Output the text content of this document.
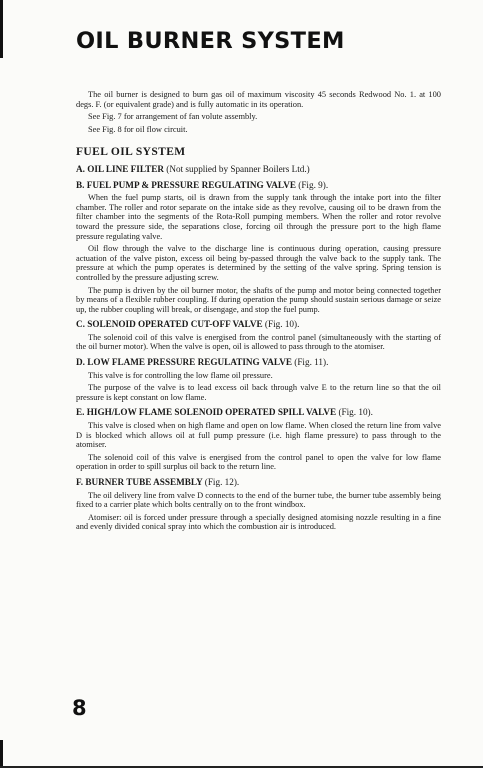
OIL BURNER SYSTEM

The oil burner is designed to burn gas oil of maximum viscosity 45 seconds Redwood No. 1. at 100 degs. F. (or equivalent grade) and is fully automatic in its operation.

See Fig. 7 for arrangement of fan volute assembly.

See Fig. 8 for oil flow circuit.

FUEL OIL SYSTEM
A. OIL LINE FILTER (Not supplied by Spanner Boilers Ltd.)
B. FUEL PUMP & PRESSURE REGULATING VALVE (Fig. 9).

When the fuel pump starts, oil is drawn from the supply tank through the intake port into the filter chamber. The roller and rotor separate on the intake side as they revolve, causing oil to be drawn from the filter chamber into the segments of the Rota-Roll pumping members. When the roller and rotor revolve toward the pressure side, the separations close, forcing oil through the pressure port to the high flame pressure regulating valve.

Oil flow through the valve to the discharge line is continuous during operation, causing pressure actuation of the valve piston, excess oil being by-passed through the valve back to the supply tank. The pressure at which the pump operates is determined by the setting of the valve spring. Spring tension is controlled by the pressure adjusting screw.

The pump is driven by the oil burner motor, the shafts of the pump and motor being connected together by means of a flexible rubber coupling. If during operation the pump should sustain serious damage or seize up, the rubber coupling will break, or disengage, and stop the fuel pump.

C. SOLENOID OPERATED CUT-OFF VALVE (Fig. 10).

The solenoid coil of this valve is energised from the control panel (simultaneously with the starting of the oil burner motor). When the valve is open, oil is allowed to pass through to the atomiser.

D. LOW FLAME PRESSURE REGULATING VALVE (Fig. 11).

This valve is for controlling the low flame oil pressure.

The purpose of the valve is to lead excess oil back through valve E to the return line so that the oil pressure is kept constant on low flame.

E. HIGH/LOW FLAME SOLENOID OPERATED SPILL VALVE (Fig. 10).

This valve is closed when on high flame and open on low flame. When closed the return line from valve D is blocked which allows oil at full pump pressure (i.e. high flame pressure) to pass through to the atomiser.

The solenoid coil of this valve is energised from the control panel to open the valve for low flame operation in order to spill surplus oil back to the return line.

F. BURNER TUBE ASSEMBLY (Fig. 12).

The oil delivery line from valve D connects to the end of the burner tube, the burner tube assembly being fixed to a carrier plate which bolts centrally on to the front windbox.

Atomiser: oil is forced under pressure through a specially designed atomising nozzle resulting in a fine and evenly divided conical spray into which the combustion air is introduced.

8
